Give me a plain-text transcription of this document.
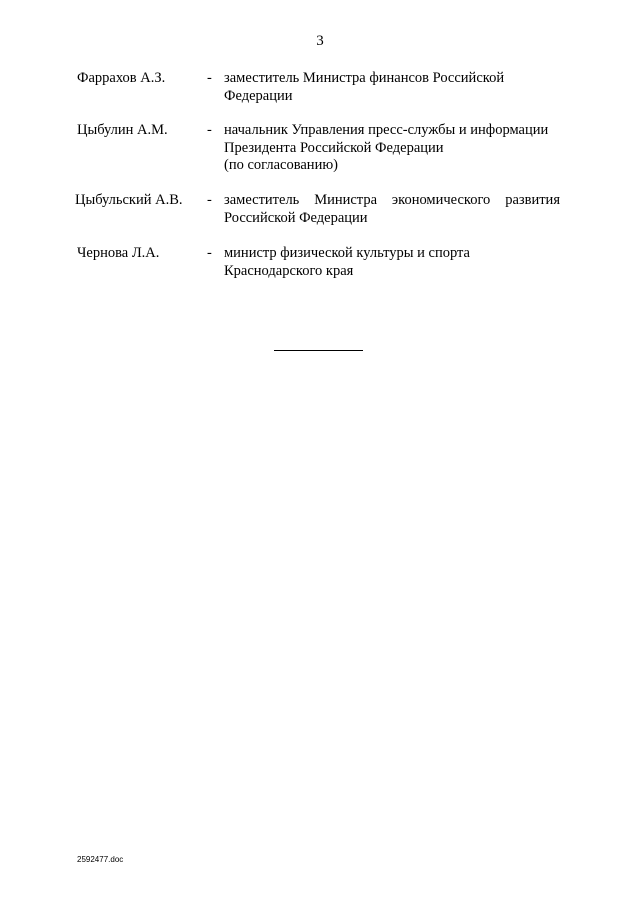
3
Фаррахов А.З.	- заместитель Министра финансов Российской
Федерации
Цыбулин А.М.	- начальник Управления пресс-службы и информации
Президента Российской Федерации
(по согласованию)
Цыбульский А.В. - заместитель Министра экономического развития
Российской Федерации
Чернова Л.А.	- министр физической культуры и спорта
Краснодарского края
2592477.doc
